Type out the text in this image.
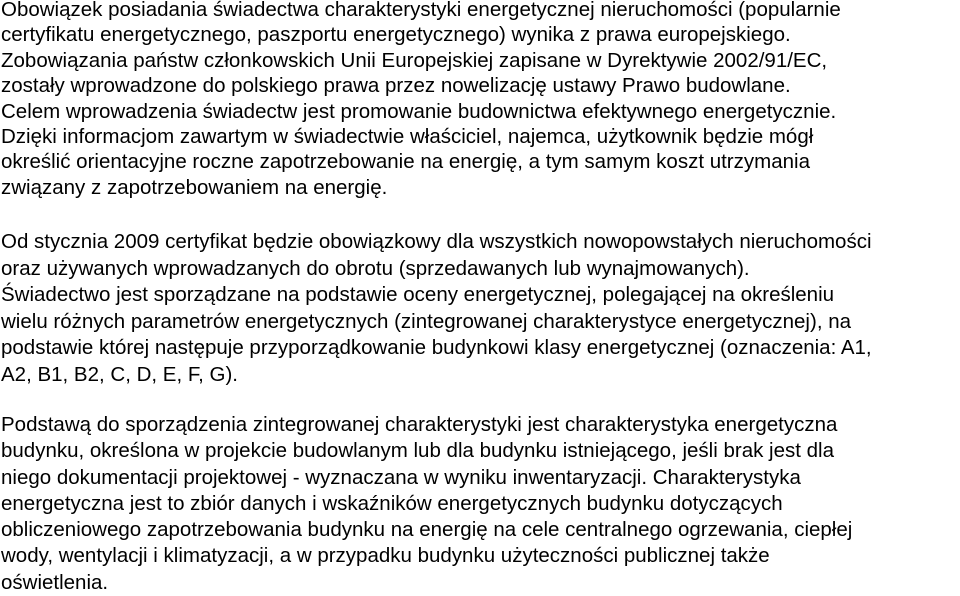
Obowiązek posiadania świadectwa charakterystyki energetycznej nieruchomości (popularnie
certyfikatu energetycznego, paszportu energetycznego) wynika z prawa europejskiego.
Zobowiązania państw członkowskich Unii Europejskiej zapisane w Dyrektywie 2002/91/EC,
zostały wprowadzone do polskiego prawa przez nowelizację ustawy Prawo budowlane.
Celem wprowadzenia świadectw jest promowanie budownictwa efektywnego energetycznie.
Dzięki informacjom zawartym w świadectwie właściciel, najemca, użytkownik będzie mógł
określić orientacyjne roczne zapotrzebowanie na energię, a tym samym koszt utrzymania
związany z zapotrzebowaniem na energię.
Od stycznia 2009 certyfikat będzie obowiązkowy dla wszystkich nowopowstałych nieruchomości
oraz używanych wprowadzanych do obrotu (sprzedawanych lub wynajmowanych).
Świadectwo jest sporządzane na podstawie oceny energetycznej, polegającej na określeniu
wielu różnych parametrów energetycznych (zintegrowanej charakterystyce energetycznej), na
podstawie której następuje przyporządkowanie budynkowi klasy energetycznej (oznaczenia: A1,
A2, B1, B2, C, D, E, F, G).
Podstawą do sporządzenia zintegrowanej charakterystyki jest charakterystyka energetyczna
budynku, określona w projekcie budowlanym lub dla budynku istniejącego, jeśli brak jest dla
niego dokumentacji projektowej - wyznaczana w wyniku inwentaryzacji. Charakterystyka
energetyczna jest to zbiór danych i wskaźników energetycznych budynku dotyczących
obliczeniowego zapotrzebowania budynku na energię na cele centralnego ogrzewania, ciepłej
wody, wentylacji i klimatyzacji, a w przypadku budynku użyteczności publicznej także
oświetlenia.
